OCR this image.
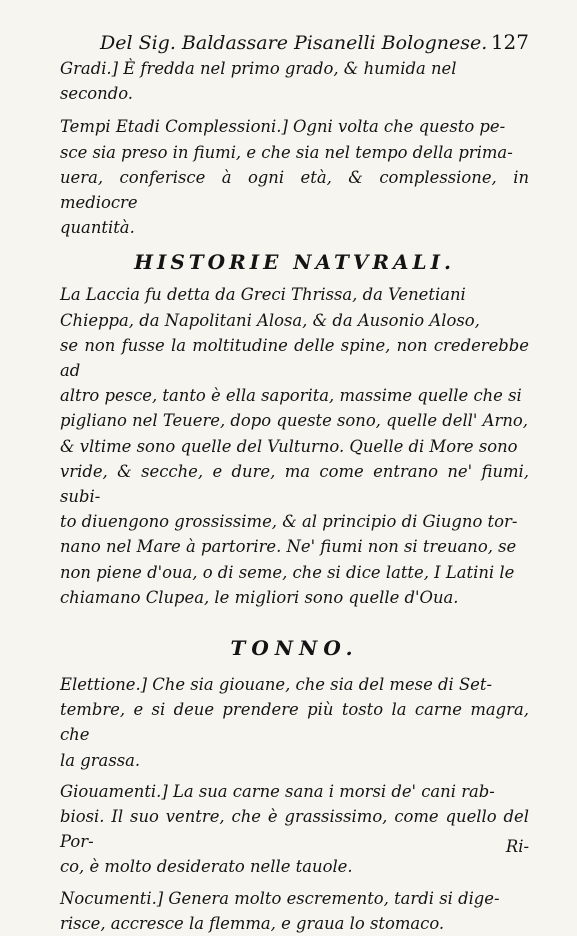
Del Sig. Baldassare Pisanelli Bolognese. 127

Gradi.] È fredda nel primo grado, & humida nel

secondo.

Tempi Etadi Complessioni.] Ogni volta che questo pe-

sce sia preso in fiumi, e che sia nel tempo della prima-

uera, conferisce à ogni età, & complessione, in mediocre

quantità.

HISTORIE NATVRALI.

La Laccia fu detta da Greci Thrissa, da Venetiani

Chieppa, da Napolitani Alosa, & da Ausonio Aloso,

se non fusse la moltitudine delle spine, non crederebbe ad

altro pesce, tanto è ella saporita, massime quelle che si

pigliano nel Teuere, dopo queste sono, quelle dell' Arno,

& vltime sono quelle del Vulturno. Quelle di More sono

vride, & secche, e dure, ma come entrano ne' fiumi, subi-

to diuengono grossissime, & al principio di Giugno tor-

nano nel Mare à partorire. Ne' fiumi non si treuano, se

non piene d'oua, o di seme, che si dice latte, I Latini le

chiamano Clupea, le migliori sono quelle d'Oua.

TONNO.

Elettione.] Che sia giouane, che sia del mese di Set-

tembre, e si deue prendere più tosto la carne magra, che

la grassa.

Giouamenti.] La sua carne sana i morsi de' cani rab-

biosi. Il suo ventre, che è grassissimo, come quello del Por-

co, è molto desiderato nelle tauole.

Nocumenti.] Genera molto escremento, tardi si dige-

risce, accresce la flemma, e graua lo stomaco.

Ri-
